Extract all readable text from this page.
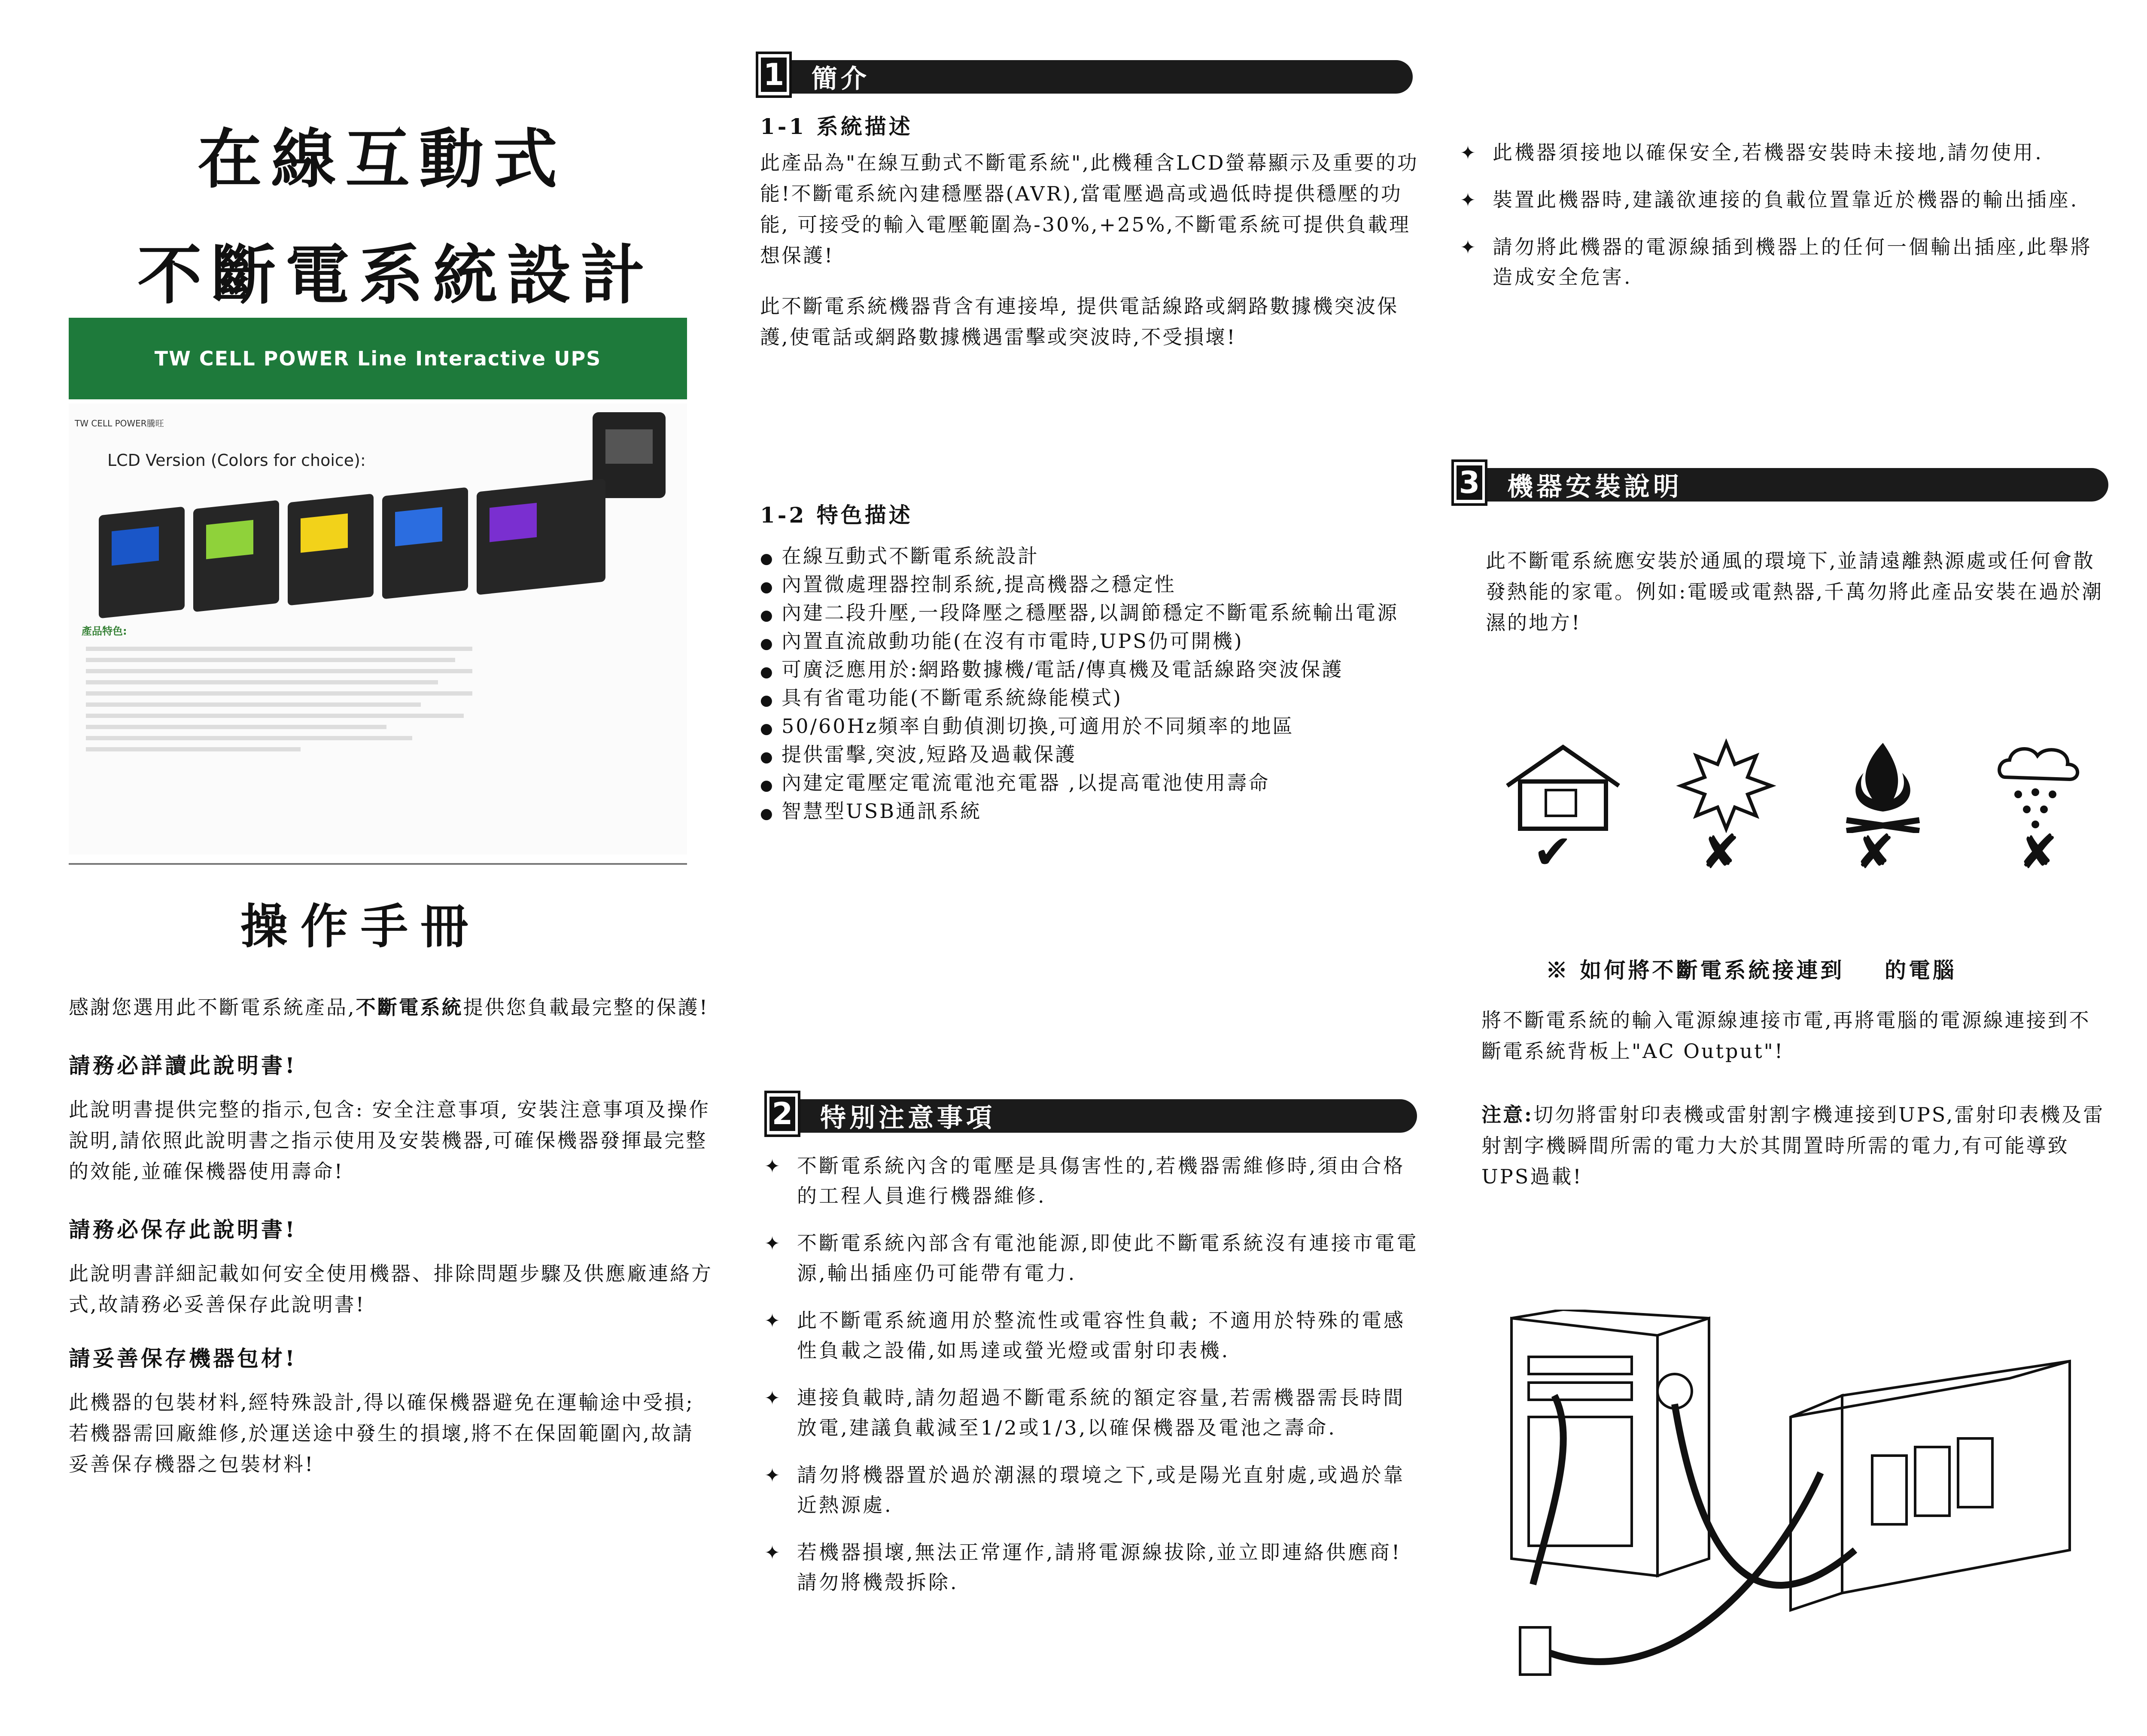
在線互動式
不斷電系統設計
TW CELL POWER Line Interactive UPS
TW CELL POWER騰旺
LCD Version (Colors for choice):
產品特色:
操作手冊

感謝您選用此不斷電系統產品,不斷電系統提供您負載最完整的保護!

請務必詳讀此說明書!

此說明書提供完整的指示,包含: 安全注意事項, 安裝注意事項及操作說明,請依照此說明書之指示使用及安裝機器,可確保機器發揮最完整的效能,並確保機器使用壽命!

請務必保存此說明書!

此說明書詳細記載如何安全使用機器、排除問題步驟及供應廠連絡方式,故請務必妥善保存此說明書!

請妥善保存機器包材!

此機器的包裝材料,經特殊設計,得以確保機器避免在運輸途中受損;若機器需回廠維修,於運送途中發生的損壞,將不在保固範圍內,故請妥善保存機器之包裝材料!

1 簡介
1-1 系統描述

此產品為"在線互動式不斷電系統",此機種含LCD螢幕顯示及重要的功能!不斷電系統內建穩壓器(AVR),當電壓過高或過低時提供穩壓的功能, 可接受的輸入電壓範圍為-30%,+25%,不斷電系統可提供負載理想保護!

此不斷電系統機器背含有連接埠, 提供電話線路或網路數據機突波保護,使電話或網路數據機遇雷擊或突波時,不受損壞!

1-2 特色描述
● 在線互動式不斷電系統設計
● 內置微處理器控制系統,提高機器之穩定性
● 內建二段升壓,一段降壓之穩壓器,以調節穩定不斷電系統輸出電源
● 內置直流啟動功能(在沒有市電時,UPS仍可開機)
● 可廣泛應用於:網路數據機/電話/傳真機及電話線路突波保護
● 具有省電功能(不斷電系統綠能模式)
● 50/60Hz頻率自動偵測切換,可適用於不同頻率的地區
● 提供雷擊,突波,短路及過載保護
● 內建定電壓定電流電池充電器 ,以提高電池使用壽命
● 智慧型USB通訊系統
2 特別注意事項
✦ 不斷電系統內含的電壓是具傷害性的,若機器需維修時,須由合格的工程人員進行機器維修.
✦ 不斷電系統內部含有電池能源,即使此不斷電系統沒有連接市電電源,輸出插座仍可能帶有電力.
✦ 此不斷電系統適用於整流性或電容性負載; 不適用於特殊的電感性負載之設備,如馬達或螢光燈或雷射印表機.
✦ 連接負載時,請勿超過不斷電系統的額定容量,若需機器需長時間放電,建議負載減至1/2或1/3,以確保機器及電池之壽命.
✦ 請勿將機器置於過於潮濕的環境之下,或是陽光直射處,或過於靠近熱源處.
✦ 若機器損壞,無法正常運作,請將電源線拔除,並立即連絡供應商!請勿將機殼拆除.
✦ 此機器須接地以確保安全,若機器安裝時未接地,請勿使用.
✦ 裝置此機器時,建議欲連接的負載位置靠近於機器的輸出插座.
✦ 請勿將此機器的電源線插到機器上的任何一個輸出插座,此舉將造成安全危害.
3 機器安裝說明

此不斷電系統應安裝於通風的環境下,並請遠離熱源處或任何會散發熱能的家電。例如:電暖或電熱器,千萬勿將此產品安裝在過於潮濕的地方!

✔	✘ ✘	✘
※ 如何將不斷電系統接連到    的電腦

將不斷電系統的輸入電源線連接市電,再將電腦的電源線連接到不斷電系統背板上"AC Output"!

注意:切勿將雷射印表機或雷射割字機連接到UPS,雷射印表機及雷射割字機瞬間所需的電力大於其閒置時所需的電力,有可能導致UPS過載!
